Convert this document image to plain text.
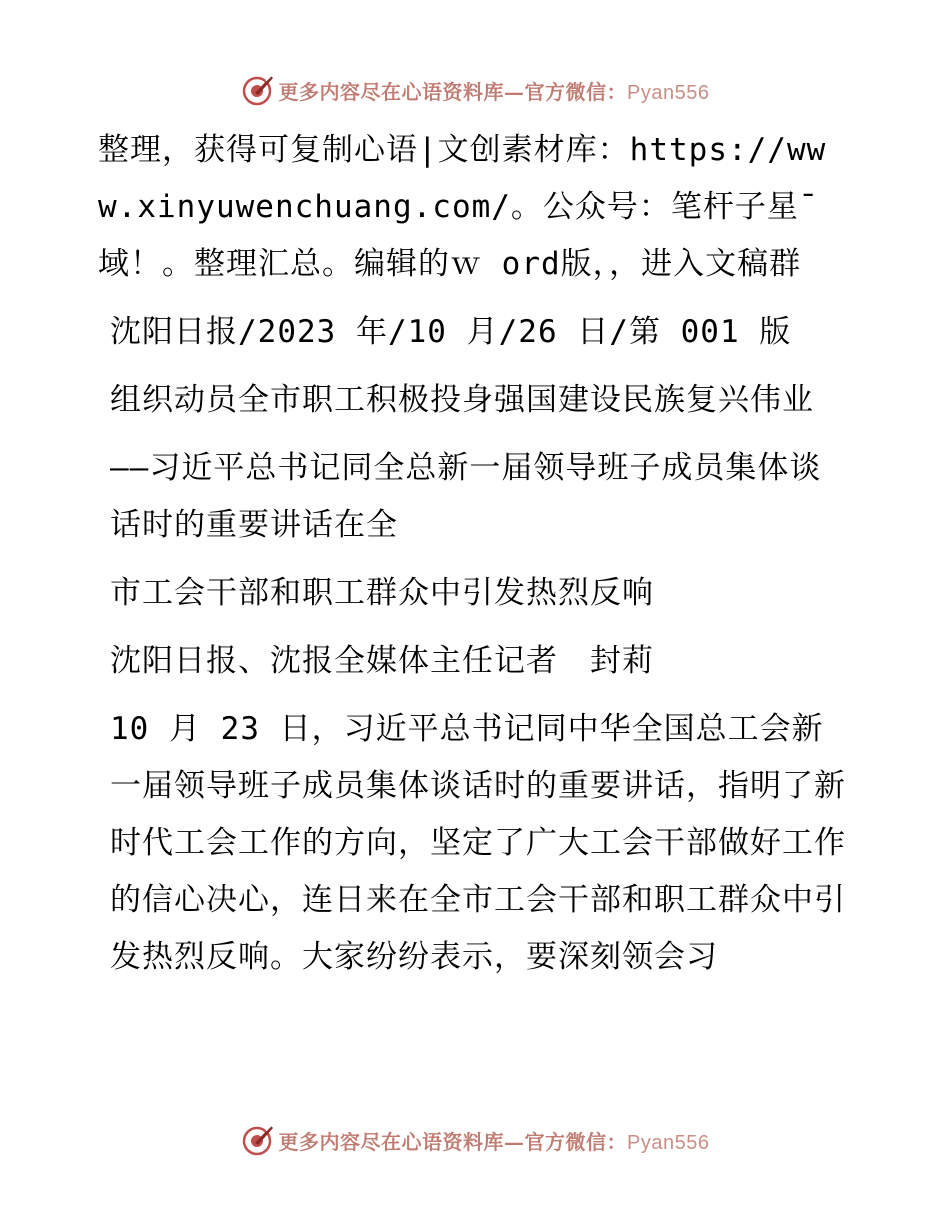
更多内容尽在心语资料库—官方微信：Pyan556

整理，获得可复制心语|文创素材库：https://www.xinyuwenchuang.com/。公众号：笔杆子星¯域！。整理汇总。编辑的ｗ ord版，，进入文稿群

沈阳日报/2023 年/10 月/26 日/第 001 版

组织动员全市职工积极投身强国建设民族复兴伟业

——习近平总书记同全总新一届领导班子成员集体谈话时的重要讲话在全

市工会干部和职工群众中引发热烈反响

沈阳日报、沈报全媒体主任记者　封莉

10 月 23 日，习近平总书记同中华全国总工会新一届领导班子成员集体谈话时的重要讲话，指明了新时代工会工作的方向，坚定了广大工会干部做好工作的信心决心，连日来在全市工会干部和职工群众中引发热烈反响。大家纷纷表示，要深刻领会习

更多内容尽在心语资料库—官方微信：Pyan556
